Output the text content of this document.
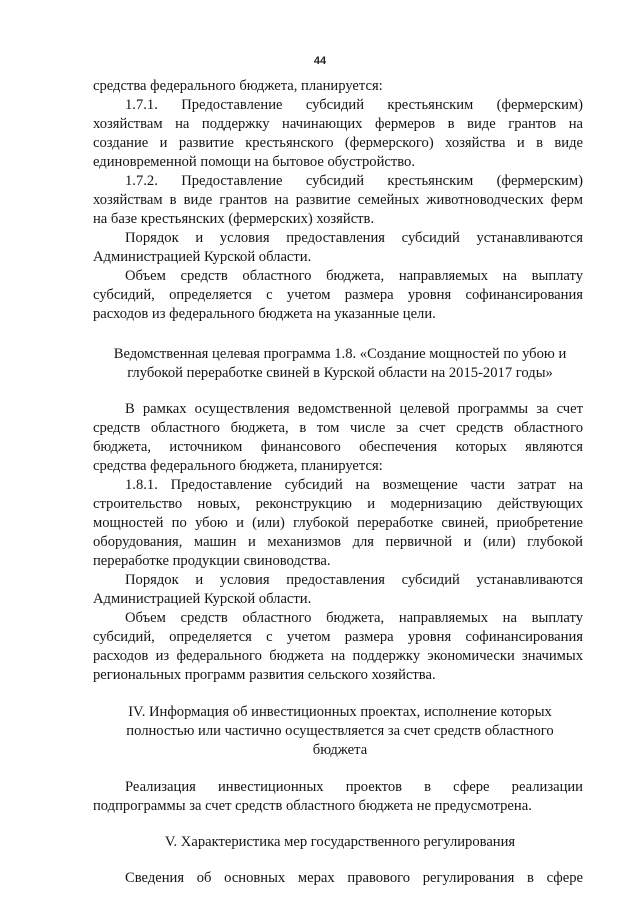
44
средства федерального бюджета, планируется:
1.7.1. Предоставление субсидий крестьянским (фермерским)
хозяйствам на поддержку начинающих фермеров в виде грантов на
создание и развитие крестьянского (фермерского) хозяйства и в виде
единовременной помощи на бытовое обустройство.
1.7.2. Предоставление субсидий крестьянским (фермерским)
хозяйствам в виде грантов на развитие семейных животноводческих ферм
на базе крестьянских (фермерских) хозяйств.
Порядок и условия предоставления субсидий устанавливаются
Администрацией Курской области.
Объем средств областного бюджета, направляемых на выплату
субсидий, определяется с учетом размера уровня софинансирования
расходов из федерального бюджета на указанные цели.
Ведомственная целевая программа 1.8. «Создание мощностей по убою и
глубокой переработке свиней в Курской области на 2015-2017 годы»
В рамках осуществления ведомственной целевой программы за счет
средств областного бюджета, в том числе за счет средств областного
бюджета, источником финансового обеспечения которых являются
средства федерального бюджета, планируется:
1.8.1. Предоставление субсидий на возмещение части затрат на
строительство новых, реконструкцию и модернизацию действующих
мощностей по убою и (или) глубокой переработке свиней, приобретение
оборудования, машин и механизмов для первичной и (или) глубокой
переработке продукции свиноводства.
Порядок и условия предоставления субсидий устанавливаются
Администрацией Курской области.
Объем средств областного бюджета, направляемых на выплату
субсидий, определяется с учетом размера уровня софинансирования
расходов из федерального бюджета на поддержку экономически значимых
региональных программ развития сельского хозяйства.
IV. Информация об инвестиционных проектах, исполнение которых
полностью или частично осуществляется за счет средств областного
бюджета
Реализация инвестиционных проектов в сфере реализации
подпрограммы за счет средств областного бюджета не предусмотрена.
V. Характеристика мер государственного регулирования
Сведения об основных мерах правового регулирования в сфере
